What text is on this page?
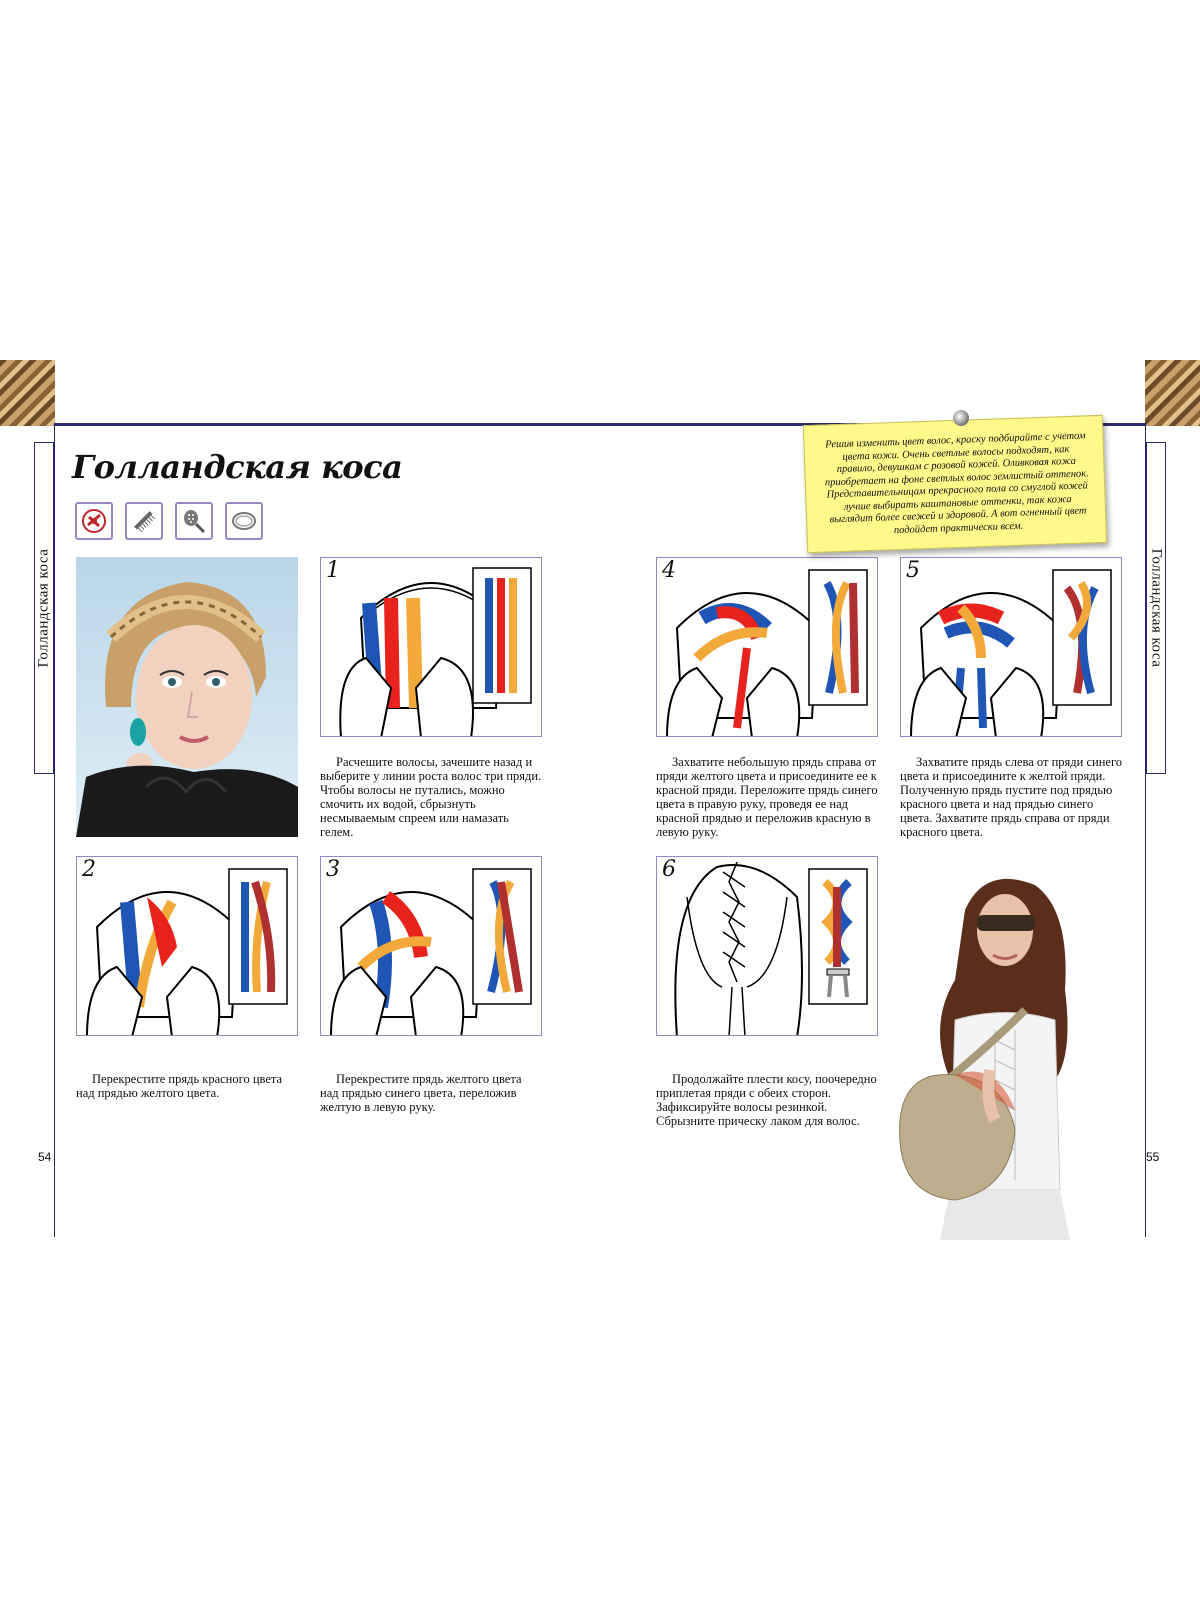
Голландская коса	Голландская коса
Голландская коса
1
Расчешите волосы, зачешите назад и выберите у линии роста волос три пряди. Чтобы волосы не путались, можно смочить их водой, сбрызнуть несмываемым спреем или намазать гелем.
2
Перекрестите прядь красного цвета над прядью желтого цвета.
3
Перекрестите прядь желтого цвета над прядью синего цвета, переложив желтую в левую руку.
4
Захватите небольшую прядь справа от пряди желтого цвета и присоедините ее к красной пряди. Переложите прядь синего цвета в правую руку, проведя ее над красной прядью и переложив красную в левую руку.
5
Захватите прядь слева от пряди синего цвета и присоедините к желтой пряди. Полученную прядь пустите под прядью красного цвета и над прядью синего цвета. Захватите прядь справа от пряди красного цвета.
6
Продолжайте плести косу, поочередно приплетая пряди с обеих сторон. Зафиксируйте волосы резинкой. Сбрызните прическу лаком для волос.

Решив изменить цвет волос, краску подбирайте с учетом цвета кожи. Очень светлые волосы подходят, как правило, девушкам с розовой кожей. Оливковая кожа приобретает на фоне светлых волос землистый оттенок. Представительницам прекрасного пола со смуглой кожей лучше выбирать каштановые оттенки, так кожа выглядит более свежей и здоровой. А вот огненный цвет подойдет практически всем.

54	55
